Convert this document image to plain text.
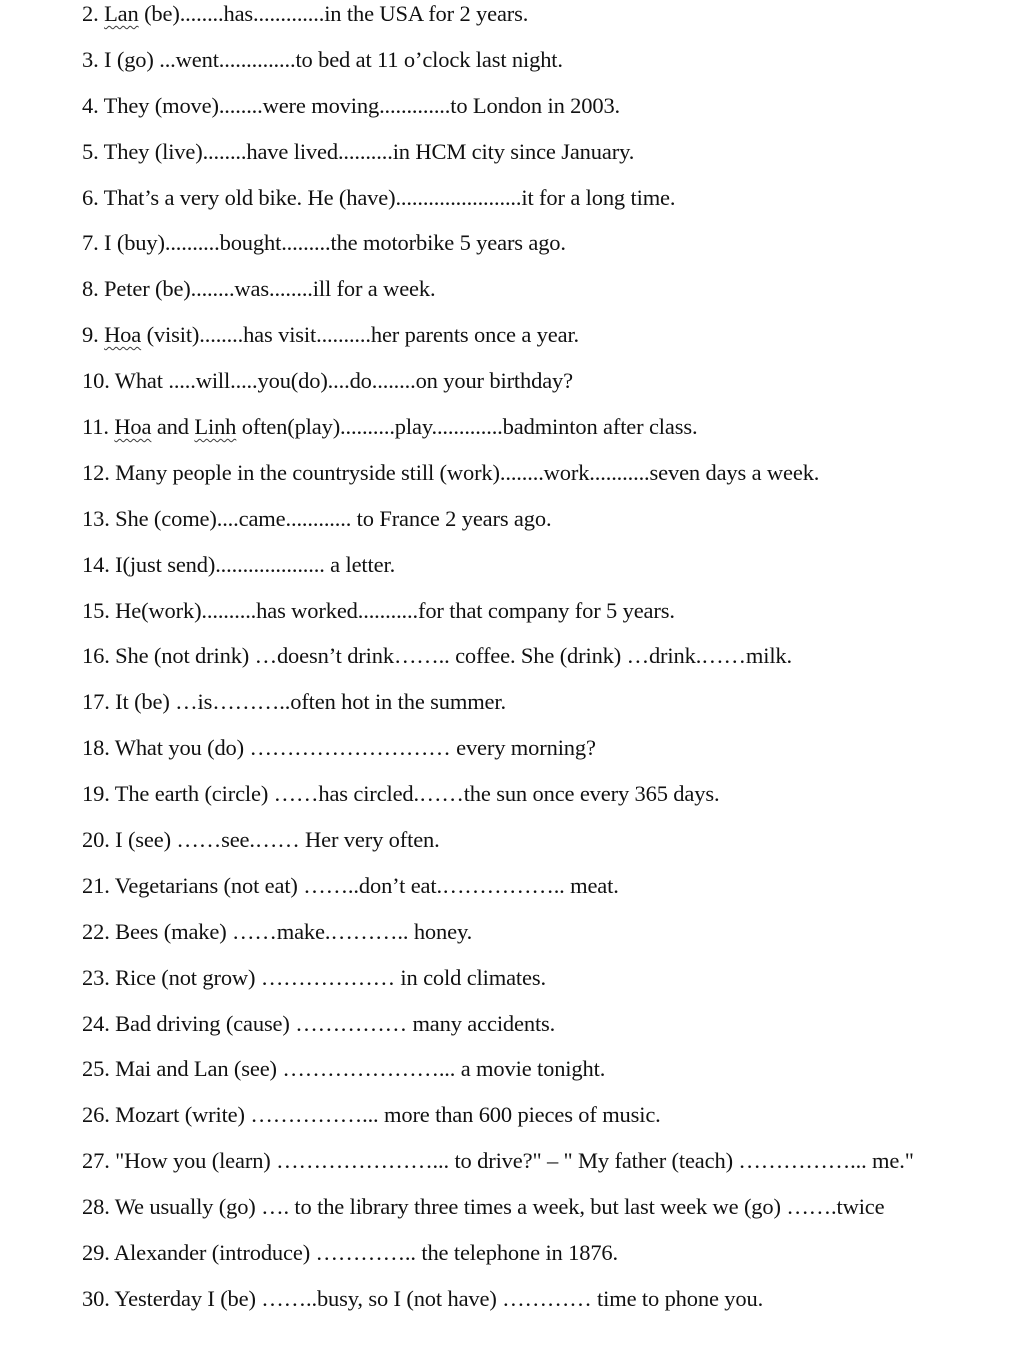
2. Lan (be)........has.............in the USA for 2 years.
3. I (go) ...went..............to bed at 11 o’clock last night.
4. They (move)........were moving.............to London in 2003.
5. They (live)........have lived..........in HCM city since January.
6. That’s a very old bike. He (have).......................it for a long time.
7. I (buy)..........bought.........the motorbike 5 years ago.
8. Peter (be)........was........ill for a week.
9. Hoa (visit)........has visit..........her parents once a year.
10. What .....will.....you(do)....do........on your birthday?
11. Hoa and Linh often(play)..........play.............badminton after class.
12. Many people in the countryside still (work)........work...........seven days a week.
13. She (come)....came............ to France 2 years ago.
14. I(just send).................... a letter.
15. He(work)..........has worked...........for that company for 5 years.
16. She (not drink) …doesn’t drink…….. coffee. She (drink) …drink.……milk.
17. It (be) …is………..often hot in the summer.
18. What you (do) ……………………… every morning?
19. The earth (circle) ……has circled.……the sun once every 365 days.
20. I (see) ……see.…… Her very often.
21. Vegetarians (not eat) ……..don’t eat.…………….. meat.
22. Bees (make) ……make.……….. honey.
23. Rice (not grow) ……………… in cold climates.
24. Bad driving (cause) …………… many accidents.
25. Mai and Lan (see) …………………... a movie tonight.
26. Mozart (write) ……………... more than 600 pieces of music.
27. "How you (learn) …………………... to drive?" – " My father (teach) ……………... me."
28. We usually (go) …. to the library three times a week, but last week we (go) …….twice
29. Alexander (introduce) ………….. the telephone in 1876.
30. Yesterday I (be) ……..busy, so I (not have) ………… time to phone you.
